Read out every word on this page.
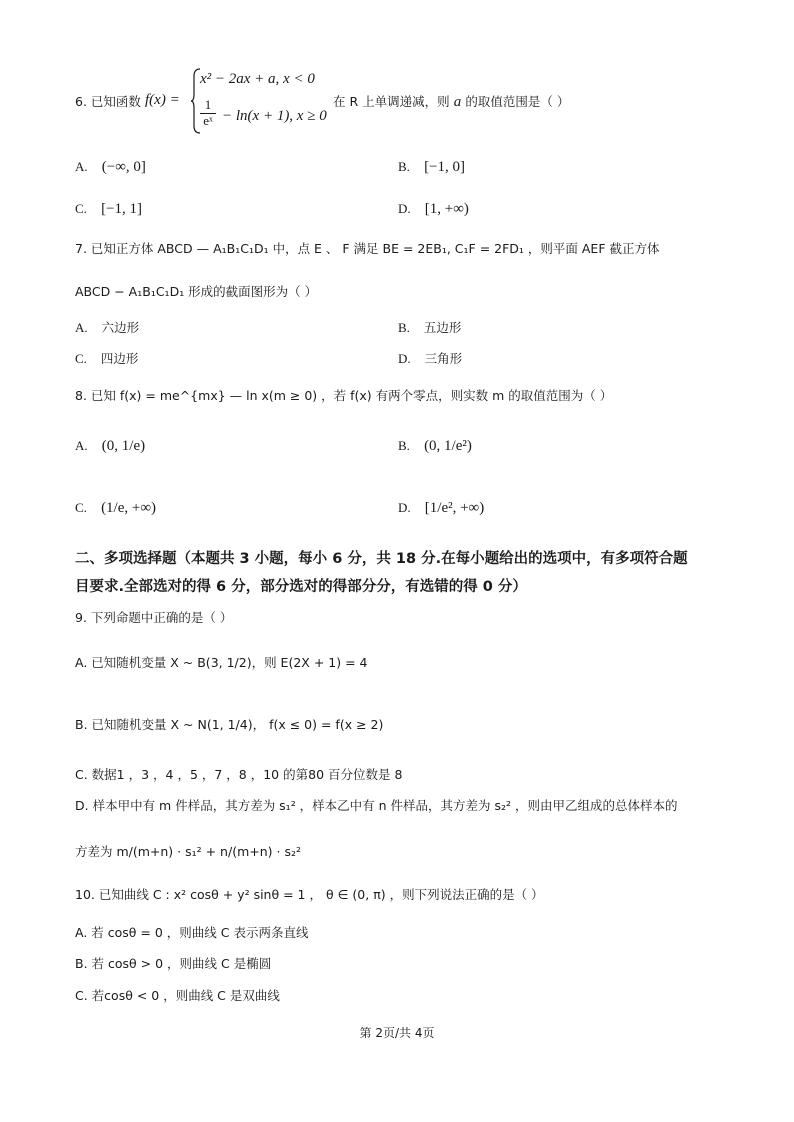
6. 已知函数 f(x) =
x² − 2ax + a, x < 0
1
eˣ − ln(x + 1), x ≥ 0
在 R 上单调递减，则 a 的取值范围是（ ）
A. (−∞, 0]	B. [−1, 0]
C. [−1, 1]	D. [1, +∞)
7. 已知正方体 ABCD — A₁B₁C₁D₁ 中，点 E 、 F 满足 BE = 2EB₁, C₁F = 2FD₁ ，则平面 AEF 截正方体
ABCD − A₁B₁C₁D₁ 形成的截面图形为（ ）
A. 六边形	B. 五边形
C. 四边形	D. 三角形
8. 已知 f(x) = me^{mx} — ln x(m ≥ 0) ，若 f(x) 有两个零点，则实数 m 的取值范围为（ ）
A. (0, 1/e)	B. (0, 1/e²)
C. (1/e, +∞)	D. [1/e², +∞)
二、多项选择题（本题共 3 小题，每小 6 分，共 18 分.在每小题给出的选项中，有多项符合题
目要求.全部选对的得 6 分，部分选对的得部分分，有选错的得 0 分）
9. 下列命题中正确的是（ ）
A. 已知随机变量 X ~ B(3, 1/2)，则 E(2X + 1) = 4
B. 已知随机变量 X ~ N(1, 1/4)， f(x ≤ 0) = f(x ≥ 2)
C. 数据1 ，3 ，4 ，5 ，7 ，8 ，10 的第80 百分位数是 8
D. 样本甲中有 m 件样品，其方差为 s₁² ，样本乙中有 n 件样品，其方差为 s₂² ，则由甲乙组成的总体样本的
方差为 m/(m+n) · s₁² + n/(m+n) · s₂²
10. 已知曲线 C : x² cosθ + y² sinθ = 1 ， θ ∈ (0, π) ，则下列说法正确的是（ ）
A. 若 cosθ = 0 ，则曲线 C 表示两条直线
B. 若 cosθ > 0 ，则曲线 C 是椭圆
C. 若cosθ < 0 ，则曲线 C 是双曲线
第 2页/共 4页
